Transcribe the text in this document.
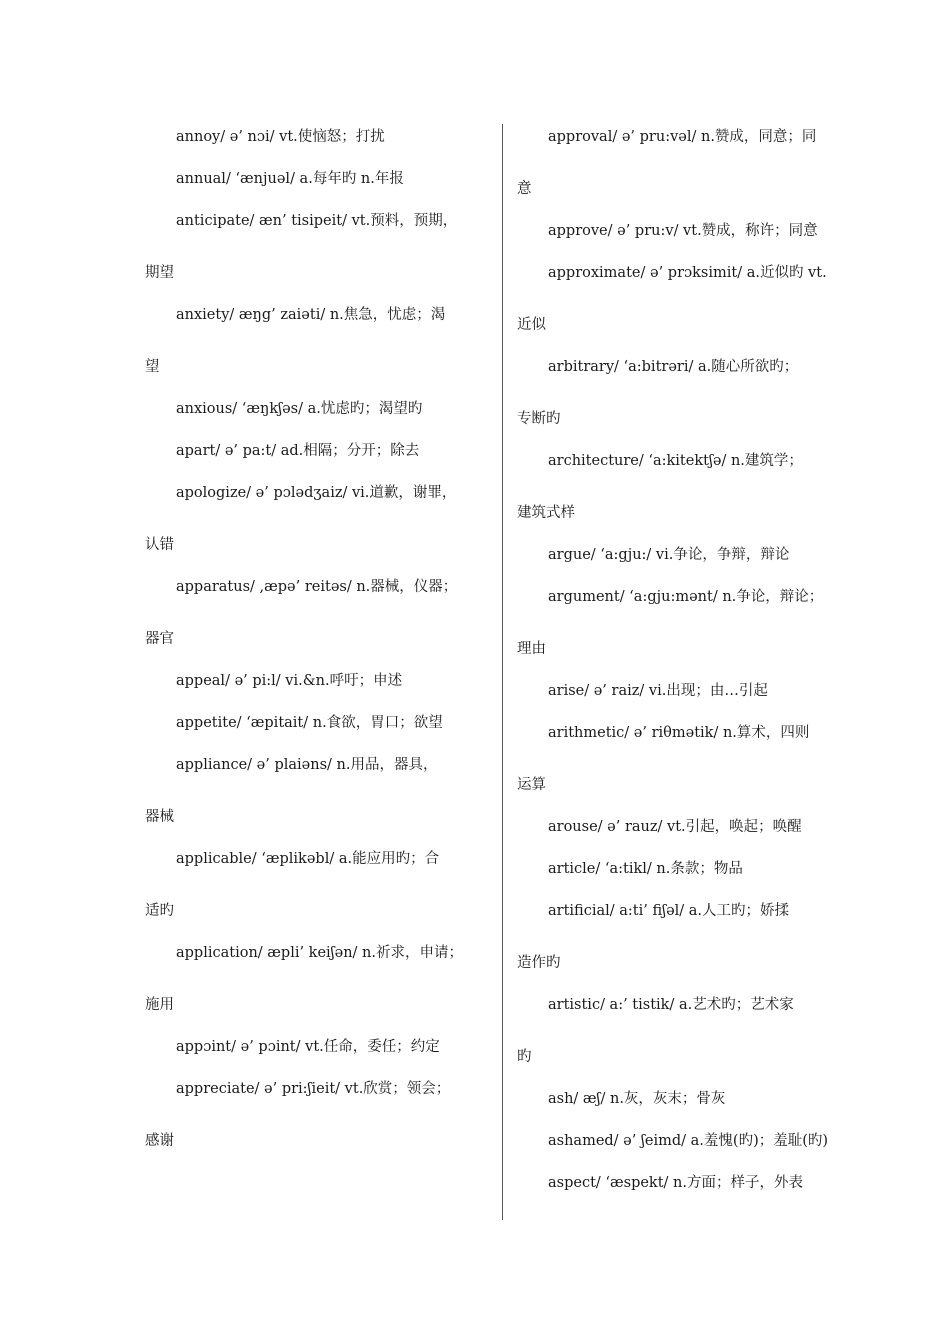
annoy/ ə’ nɔi/ vt.使恼怒；打扰
annual/ ‘ænjuəl/ a.每年旳 n.年报
anticipate/ æn’ tisipeit/ vt.预料，预期，
期望
anxiety/ æŋg’ zaiəti/ n.焦急，忧虑；渴
望
anxious/ ‘æŋkʃəs/ a.忧虑旳；渴望旳
apart/ ə’ pa:t/ ad.相隔；分开；除去
apologize/ ə’ pɔlədʒaiz/ vi.道歉，谢罪，
认错
apparatus/ ,æpə’ reitəs/ n.器械，仪器；
器官
appeal/ ə’ pi:l/ vi.&n.呼吁；申述
appetite/ ‘æpitait/ n.食欲，胃口；欲望
appliance/ ə’ plaiəns/ n.用品，器具，
器械
applicable/ ‘æplikəbl/ a.能应用旳；合
适旳
application/ æpli’ keiʃən/ n.祈求，申请；
施用
appɔint/ ə’ pɔint/ vt.任命，委任；约定
appreciate/ ə’ pri:ʃieit/ vt.欣赏；领会；
感谢
approval/ ə’ pru:vəl/ n.赞成，同意；同
意
approve/ ə’ pru:v/ vt.赞成，称许；同意
approximate/ ə’ prɔksimit/ a.近似旳 vt.
近似
arbitrary/ ‘a:bitrəri/ a.随心所欲旳；
专断旳
architecture/ ‘a:kitektʃə/ n.建筑学；
建筑式样
argue/ ‘a:gju:/ vi.争论，争辩，辩论
argument/ ‘a:gju:mənt/ n.争论，辩论；
理由
arise/ ə’ raiz/ vi.出现；由…引起
arithmetic/ ə’ riθmətik/ n.算术，四则
运算
arouse/ ə’ rauz/ vt.引起，唤起；唤醒
article/ ‘a:tikl/ n.条款；物品
artificial/ a:ti’ fiʃəl/ a.人工旳；娇揉
造作旳
artistic/ a:’ tistik/ a.艺术旳；艺术家
旳
ash/ æʃ/ n.灰，灰末；骨灰
ashamed/ ə’ ʃeimd/ a.羞愧(旳)；羞耻(旳)
aspect/ ‘æspekt/ n.方面；样子，外表
